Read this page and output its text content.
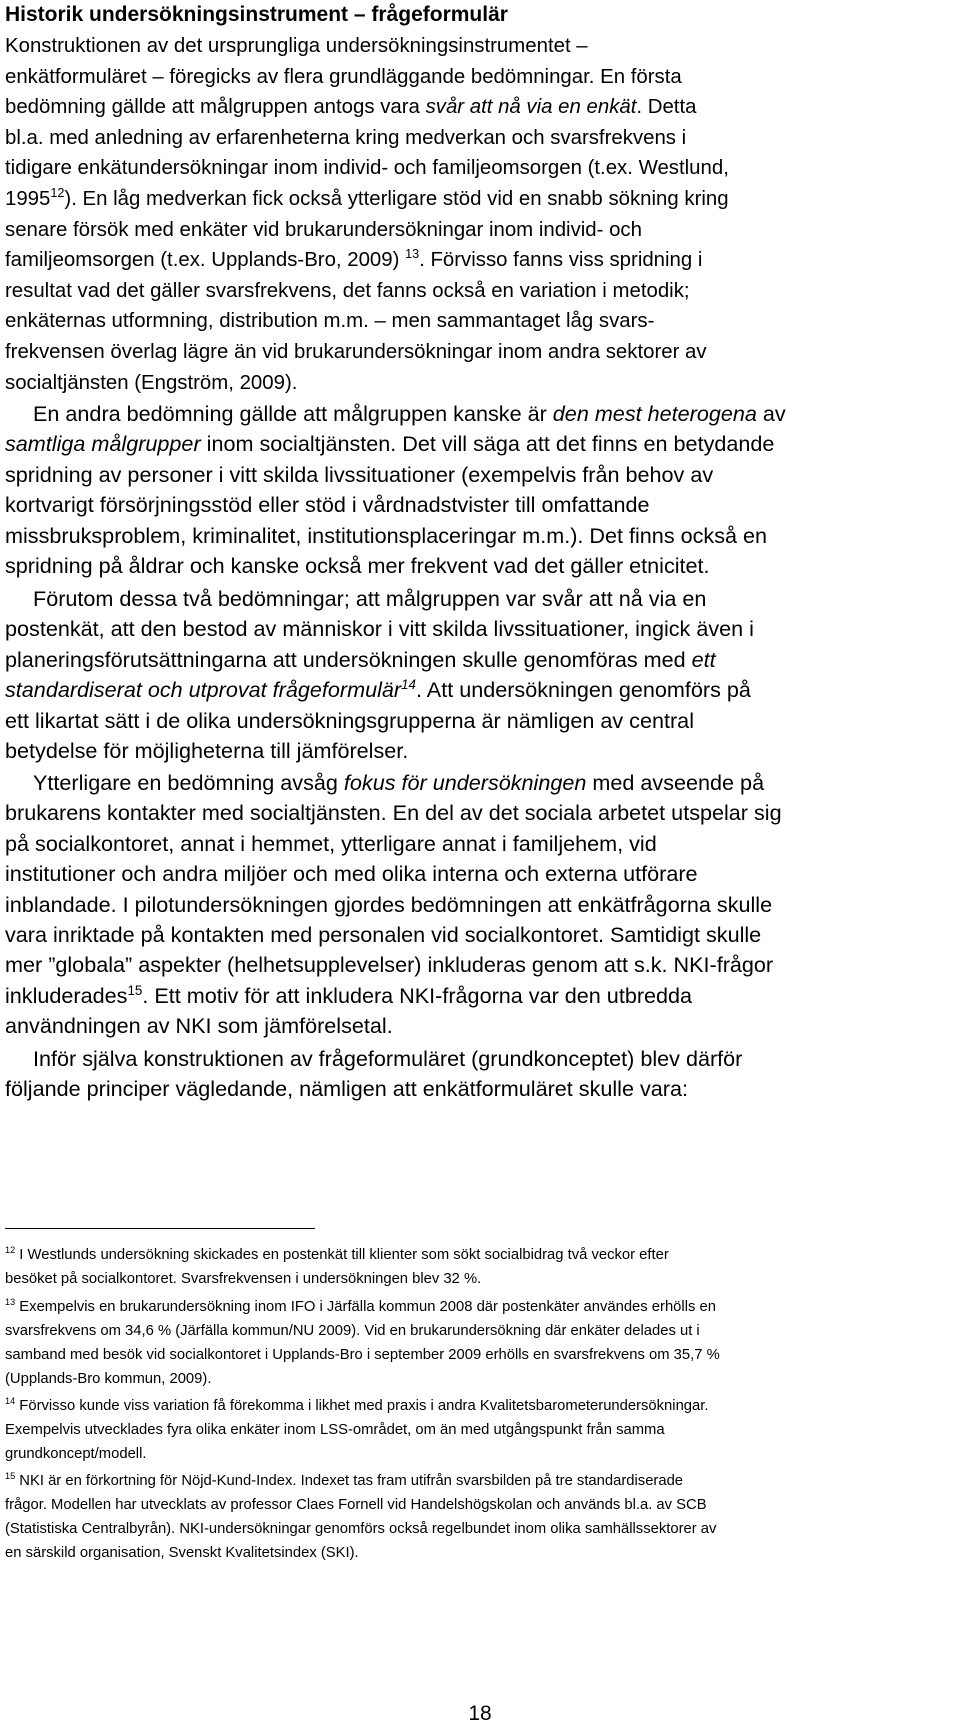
Historik undersökningsinstrument – frågeformulär
Konstruktionen av det ursprungliga undersökningsinstrumentet –
enkätformuläret – föregicks av flera grundläggande bedömningar. En första
bedömning gällde att målgruppen antogs vara svår att nå via en enkät. Detta
bl.a. med anledning av erfarenheterna kring medverkan och svarsfrekvens i
tidigare enkätundersökningar inom individ- och familjeomsorgen (t.ex. Westlund,
1995$^{12}$). En låg medverkan fick också ytterligare stöd vid en snabb sökning kring
senare försök med enkäter vid brukarundersökningar inom individ- och
familjeomsorgen (t.ex. Upplands-Bro, 2009) $^{13}$. Förvisso fanns viss spridning i
resultat vad det gäller svarsfrekvens, det fanns också en variation i metodik;
enkäternas utformning, distribution m.m. – men sammantaget låg svars-
frekvensen överlag lägre än vid brukarundersökningar inom andra sektorer av
socialtjänsten (Engström, 2009).
En andra bedömning gällde att målgruppen kanske är den mest heterogena av
samtliga målgrupper inom socialtjänsten. Det vill säga att det finns en betydande
spridning av personer i vitt skilda livssituationer (exempelvis från behov av
kortvarigt försörjningsstöd eller stöd i vårdnadstvister till omfattande
missbruksproblem, kriminalitet, institutionsplaceringar m.m.). Det finns också en
spridning på åldrar och kanske också mer frekvent vad det gäller etnicitet.
Förutom dessa två bedömningar; att målgruppen var svår att nå via en
postenkät, att den bestod av människor i vitt skilda livssituationer, ingick även i
planeringsförutsättningarna att undersökningen skulle genomföras med ett
standardiserat och utprovat frågeformulär$^{14}$. Att undersökningen genomförs på
ett likartat sätt i de olika undersökningsgrupperna är nämligen av central
betydelse för möjligheterna till jämförelser.
Ytterligare en bedömning avsåg fokus för undersökningen med avseende på
brukarens kontakter med socialtjänsten. En del av det sociala arbetet utspelar sig
på socialkontoret, annat i hemmet, ytterligare annat i familjehem, vid
institutioner och andra miljöer och med olika interna och externa utförare
inblandade. I pilotundersökningen gjordes bedömningen att enkätfrågorna skulle
vara inriktade på kontakten med personalen vid socialkontoret. Samtidigt skulle
mer ”globala” aspekter (helhetsupplevelser) inkluderas genom att s.k. NKI-frågor
inkluderades$^{15}$. Ett motiv för att inkludera NKI-frågorna var den utbredda
användningen av NKI som jämförelsetal.
Inför själva konstruktionen av frågeformuläret (grundkonceptet) blev därför
följande principer vägledande, nämligen att enkätformuläret skulle vara:
$^{12}$ I Westlunds undersökning skickades en postenkät till klienter som sökt socialbidrag två veckor efter
besöket på socialkontoret. Svarsfrekvensen i undersökningen blev 32 %.
$^{13}$ Exempelvis en brukarundersökning inom IFO i Järfälla kommun 2008 där postenkäter användes erhölls en
svarsfrekvens om 34,6 % (Järfälla kommun/NU 2009). Vid en brukarundersökning där enkäter delades ut i
samband med besök vid socialkontoret i Upplands-Bro i september 2009 erhölls en svarsfrekvens om 35,7 %
(Upplands-Bro kommun, 2009).
$^{14}$ Förvisso kunde viss variation få förekomma i likhet med praxis i andra Kvalitetsbarometerundersökningar.
Exempelvis utvecklades fyra olika enkäter inom LSS-området, om än med utgångspunkt från samma
grundkoncept/modell.
$^{15}$ NKI är en förkortning för Nöjd-Kund-Index. Indexet tas fram utifrån svarsbilden på tre standardiserade
frågor. Modellen har utvecklats av professor Claes Fornell vid Handelshögskolan och används bl.a. av SCB
(Statistiska Centralbyrån). NKI-undersökningar genomförs också regelbundet inom olika samhällssektorer av
en särskild organisation, Svenskt Kvalitetsindex (SKI).
18
